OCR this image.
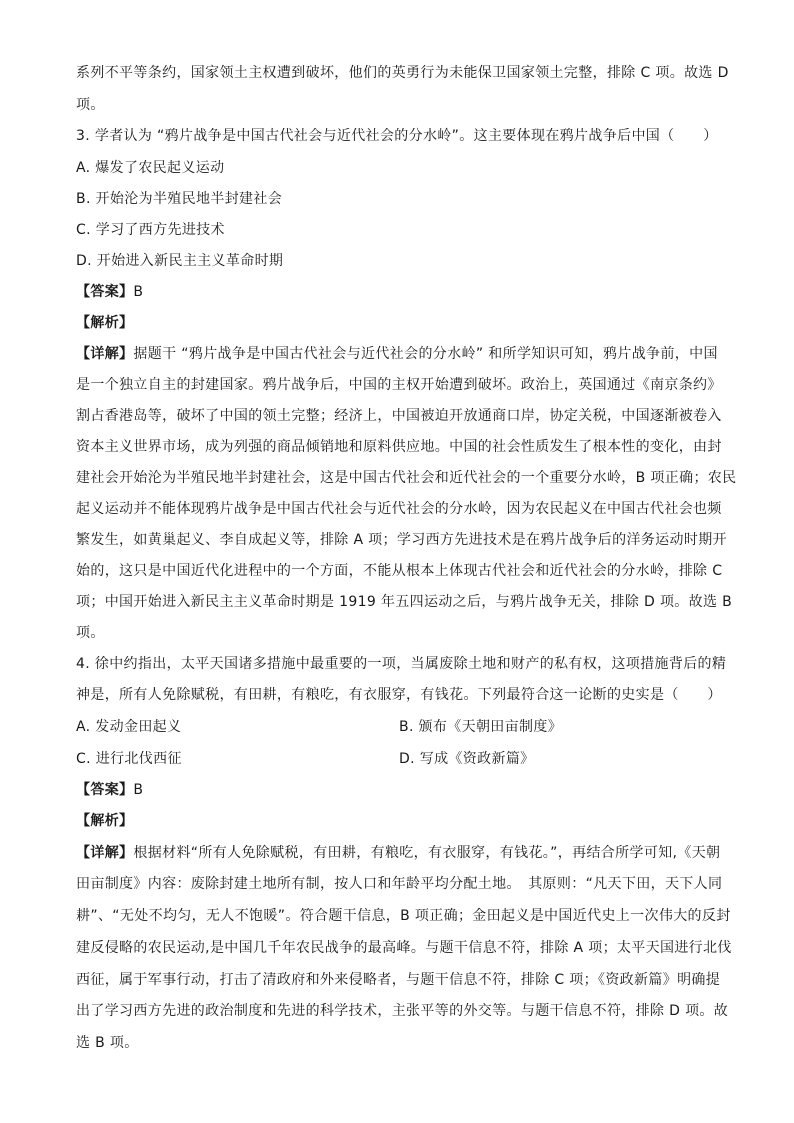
系列不平等条约，国家领土主权遭到破坏，他们的英勇行为未能保卫国家领土完整，排除 C 项。故选 D
项。
3. 学者认为 “鸦片战争是中国古代社会与近代社会的分水岭”。这主要体现在鸦片战争后中国（　　）
A. 爆发了农民起义运动
B. 开始沦为半殖民地半封建社会
C. 学习了西方先进技术
D. 开始进入新民主主义革命时期
【答案】B
【解析】
【详解】据题干 “鸦片战争是中国古代社会与近代社会的分水岭” 和所学知识可知，鸦片战争前，中国
是一个独立自主的封建国家。鸦片战争后，中国的主权开始遭到破坏。政治上，英国通过《南京条约》
割占香港岛等，破坏了中国的领土完整；经济上，中国被迫开放通商口岸，协定关税，中国逐渐被卷入
资本主义世界市场，成为列强的商品倾销地和原料供应地。中国的社会性质发生了根本性的变化，由封
建社会开始沦为半殖民地半封建社会，这是中国古代社会和近代社会的一个重要分水岭，B 项正确；农民
起义运动并不能体现鸦片战争是中国古代社会与近代社会的分水岭，因为农民起义在中国古代社会也频
繁发生，如黄巢起义、李自成起义等，排除 A 项；学习西方先进技术是在鸦片战争后的洋务运动时期开
始的，这只是中国近代化进程中的一个方面，不能从根本上体现古代社会和近代社会的分水岭，排除 C
项；中国开始进入新民主主义革命时期是 1919 年五四运动之后，与鸦片战争无关，排除 D 项。故选 B
项。
4. 徐中约指出，太平天国诸多措施中最重要的一项，当属废除土地和财产的私有权，这项措施背后的精
神是，所有人免除赋税，有田耕，有粮吃，有衣服穿，有钱花。下列最符合这一论断的史实是（　　）
A. 发动金田起义	B. 颁布《天朝田亩制度》
C. 进行北伐西征	D. 写成《资政新篇》
【答案】B
【解析】
【详解】根据材料“所有人免除赋税，有田耕，有粮吃，有衣服穿，有钱花。”，再结合所学可知,《天朝
田亩制度》内容：废除封建土地所有制，按人口和年龄平均分配土地。　其原则：“凡天下田，天下人同
耕”、“无处不均匀，无人不饱暖”。符合题干信息，B 项正确；金田起义是中国近代史上一次伟大的反封
建反侵略的农民运动,是中国几千年农民战争的最高峰。与题干信息不符，排除 A 项；太平天国进行北伐
西征，属于军事行动，打击了清政府和外来侵略者，与题干信息不符，排除 C 项；《资政新篇》明确提
出了学习西方先进的政治制度和先进的科学技术，主张平等的外交等。与题干信息不符，排除 D 项。故
选 B 项。
